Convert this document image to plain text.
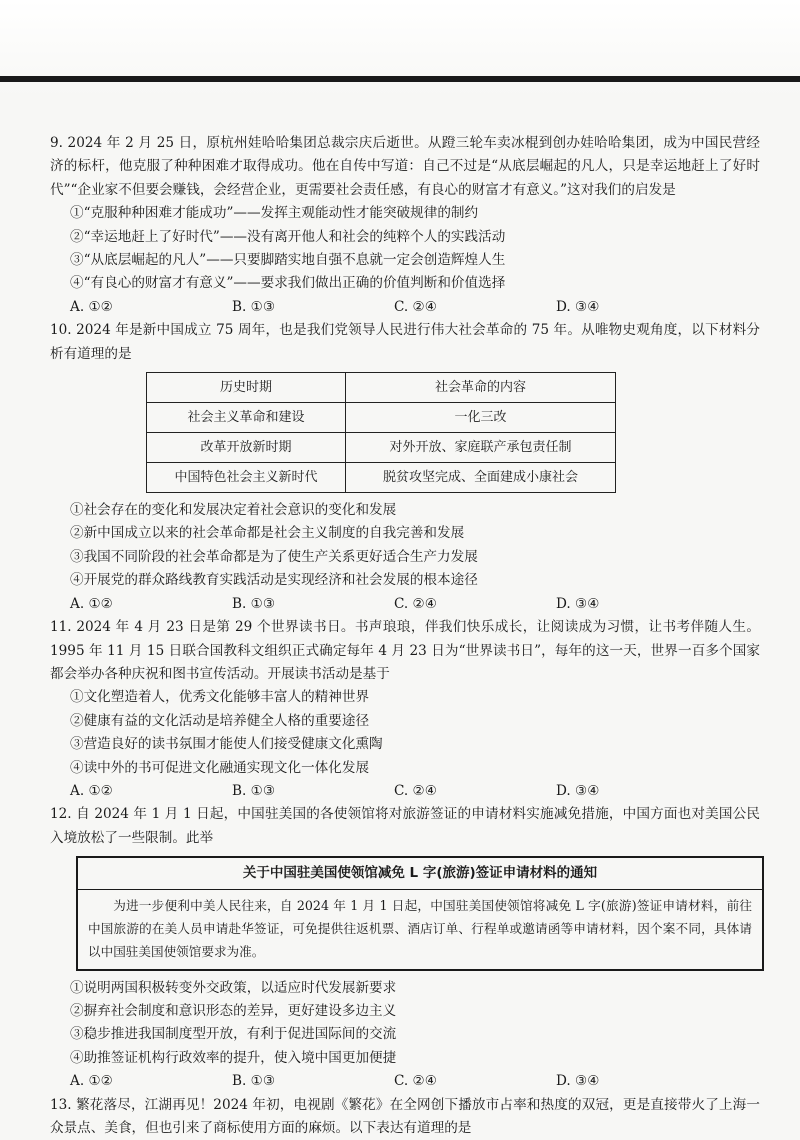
9. 2024 年 2 月 25 日，原杭州娃哈哈集团总裁宗庆后逝世。从蹬三轮车卖冰棍到创办娃哈哈集团，成为中国民营经济的标杆，他克服了种种困难才取得成功。他在自传中写道：自己不过是“从底层崛起的凡人，只是幸运地赶上了好时代”“企业家不但要会赚钱，会经营企业，更需要社会责任感，有良心的财富才有意义。”这对我们的启发是
①“克服种种困难才能成功”——发挥主观能动性才能突破规律的制约
②“幸运地赶上了好时代”——没有离开他人和社会的纯粹个人的实践活动
③“从底层崛起的凡人”——只要脚踏实地自强不息就一定会创造辉煌人生
④“有良心的财富才有意义”——要求我们做出正确的价值判断和价值选择
A. ①②	B. ①③	C. ②④	D. ③④
10. 2024 年是新中国成立 75 周年，也是我们党领导人民进行伟大社会革命的 75 年。从唯物史观角度，以下材料分析有道理的是
历史时期	社会革命的内容
社会主义革命和建设	一化三改
改革开放新时期	对外开放、家庭联产承包责任制
中国特色社会主义新时代	脱贫攻坚完成、全面建成小康社会
①社会存在的变化和发展决定着社会意识的变化和发展
②新中国成立以来的社会革命都是社会主义制度的自我完善和发展
③我国不同阶段的社会革命都是为了使生产关系更好适合生产力发展
④开展党的群众路线教育实践活动是实现经济和社会发展的根本途径
A. ①②	B. ①③	C. ②④	D. ③④
11. 2024 年 4 月 23 日是第 29 个世界读书日。书声琅琅，伴我们快乐成长，让阅读成为习惯，让书考伴随人生。1995 年 11 月 15 日联合国教科文组织正式确定每年 4 月 23 日为“世界读书日”，每年的这一天，世界一百多个国家都会举办各种庆祝和图书宣传活动。开展读书活动是基于
①文化塑造着人，优秀文化能够丰富人的精神世界
②健康有益的文化活动是培养健全人格的重要途径
③营造良好的读书氛围才能使人们接受健康文化熏陶
④读中外的书可促进文化融通实现文化一体化发展
A. ①②	B. ①③	C. ②④	D. ③④
12. 自 2024 年 1 月 1 日起，中国驻美国的各使领馆将对旅游签证的申请材料实施减免措施，中国方面也对美国公民入境放松了一些限制。此举
关于中国驻美国使领馆减免 L 字(旅游)签证申请材料的通知
为进一步便利中美人民往来，自 2024 年 1 月 1 日起，中国驻美国使领馆将减免 L 字(旅游)签证申请材料，前往中国旅游的在美人员申请赴华签证，可免提供往返机票、酒店订单、行程单或邀请函等申请材料，因个案不同，具体请以中国驻美国使领馆要求为准。
①说明两国积极转变外交政策，以适应时代发展新要求
②摒弃社会制度和意识形态的差异，更好建设多边主义
③稳步推进我国制度型开放，有利于促进国际间的交流
④助推签证机构行政效率的提升，使入境中国更加便捷
A. ①②	B. ①③	C. ②④	D. ③④
13. 繁花落尽，江湖再见！2024 年初，电视剧《繁花》在全网创下播放市占率和热度的双冠，更是直接带火了上海一众景点、美食，但也引来了商标使用方面的麻烦。以下表达有道理的是
